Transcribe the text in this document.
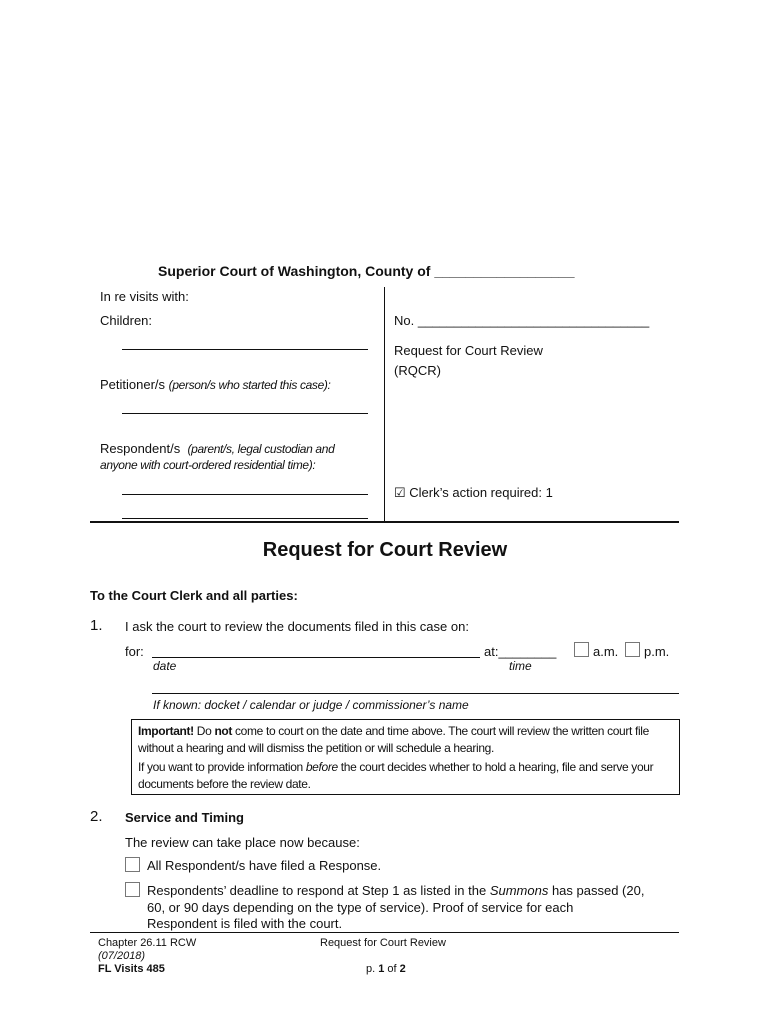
Superior Court of Washington, County of __________________
In re visits with:
Children:
Petitioner/s (person/s who started this case):
Respondent/s (parent/s, legal custodian and
anyone with court-ordered residential time):
No. ________________________________
Request for Court Review
(RQCR)
☑ Clerk’s action required: 1
Request for Court Review
To the Court Clerk and all parties:
1. I ask the court to review the documents filed in this case on:
for:	at:________	a.m. p.m.
date	time
If known: docket / calendar or judge / commissioner’s name
Important! Do not come to court on the date and time above. The court will review the written court file
without a hearing and will dismiss the petition or will schedule a hearing.
If you want to provide information before the court decides whether to hold a hearing, file and serve your
documents before the review date.
2. Service and Timing
The review can take place now because:
All Respondent/s have filed a Response.
Respondents’ deadline to respond at Step 1 as listed in the Summons has passed (20,
60, or 90 days depending on the type of service). Proof of service for each
Respondent is filed with the court.
Chapter 26.11 RCW
(07/2018)
FL Visits 485
Request for Court Review
p. 1 of 2
